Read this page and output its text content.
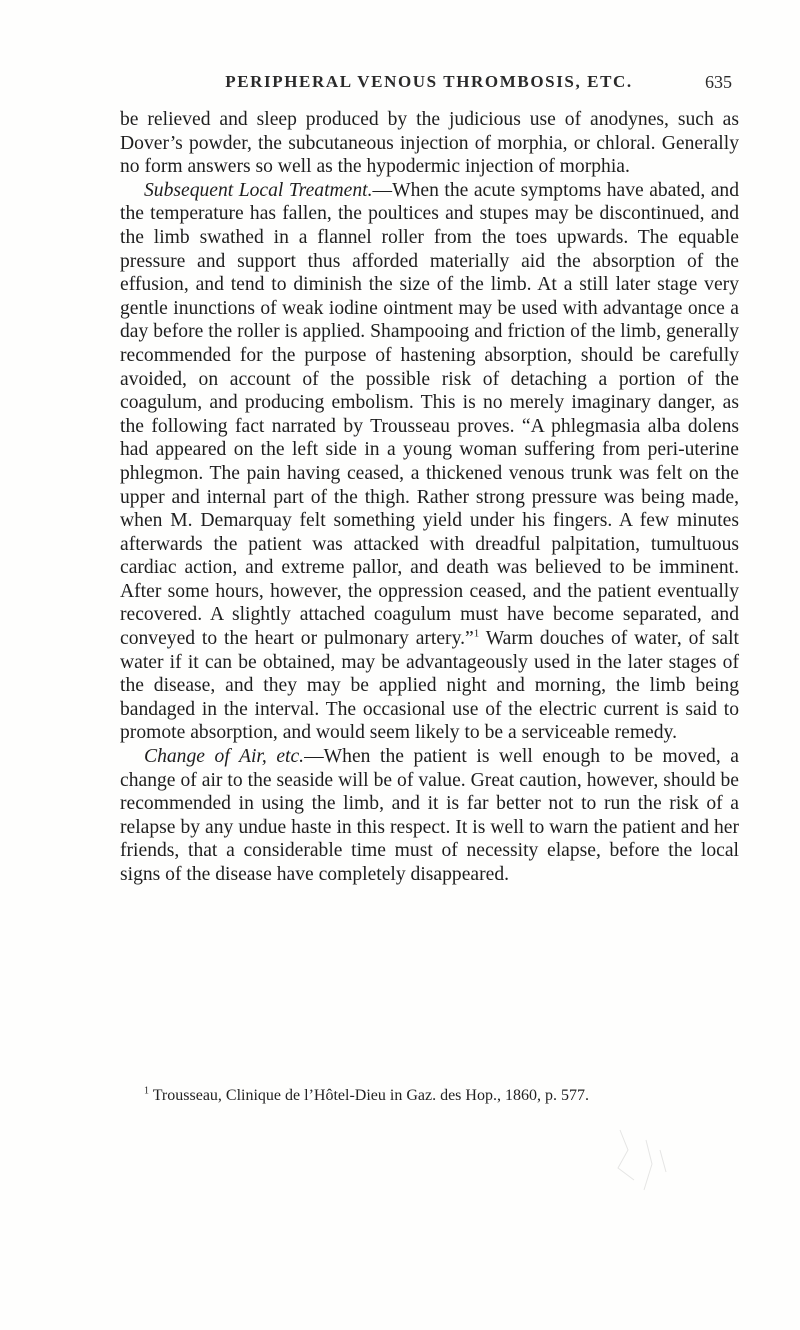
PERIPHERAL VENOUS THROMBOSIS, ETC.	635

be relieved and sleep produced by the judicious use of anodynes, such as Dover’s powder, the subcutaneous injection of morphia, or chloral. Generally no form answers so well as the hypodermic injection of morphia.

Subsequent Local Treatment.—When the acute symptoms have abated, and the temperature has fallen, the poultices and stupes may be discontinued, and the limb swathed in a flannel roller from the toes upwards. The equable pressure and support thus afforded materially aid the absorption of the effusion, and tend to diminish the size of the limb. At a still later stage very gentle inunctions of weak iodine ointment may be used with advantage once a day before the roller is applied. Shampooing and friction of the limb, generally recommended for the purpose of hastening absorption, should be carefully avoided, on account of the possible risk of detaching a portion of the coagulum, and producing embolism. This is no merely imaginary danger, as the following fact narrated by Trousseau proves. “A phlegmasia alba dolens had appeared on the left side in a young woman suffering from peri-uterine phlegmon. The pain having ceased, a thickened venous trunk was felt on the upper and internal part of the thigh. Rather strong pressure was being made, when M. Demarquay felt something yield under his fingers. A few minutes afterwards the patient was attacked with dreadful palpitation, tumultuous cardiac action, and extreme pallor, and death was believed to be imminent. After some hours, however, the oppression ceased, and the patient eventually recovered. A slightly attached coagulum must have become separated, and conveyed to the heart or pulmonary artery.”$^1$ Warm douches of water, of salt water if it can be obtained, may be advantageously used in the later stages of the disease, and they may be applied night and morning, the limb being bandaged in the interval. The occasional use of the electric current is said to promote absorption, and would seem likely to be a serviceable remedy.

Change of Air, etc.—When the patient is well enough to be moved, a change of air to the seaside will be of value. Great caution, however, should be recommended in using the limb, and it is far better not to run the risk of a relapse by any undue haste in this respect. It is well to warn the patient and her friends, that a considerable time must of necessity elapse, before the local signs of the disease have completely disappeared.

$^1$ Trousseau, Clinique de l’Hôtel-Dieu in Gaz. des Hop., 1860, p. 577.
